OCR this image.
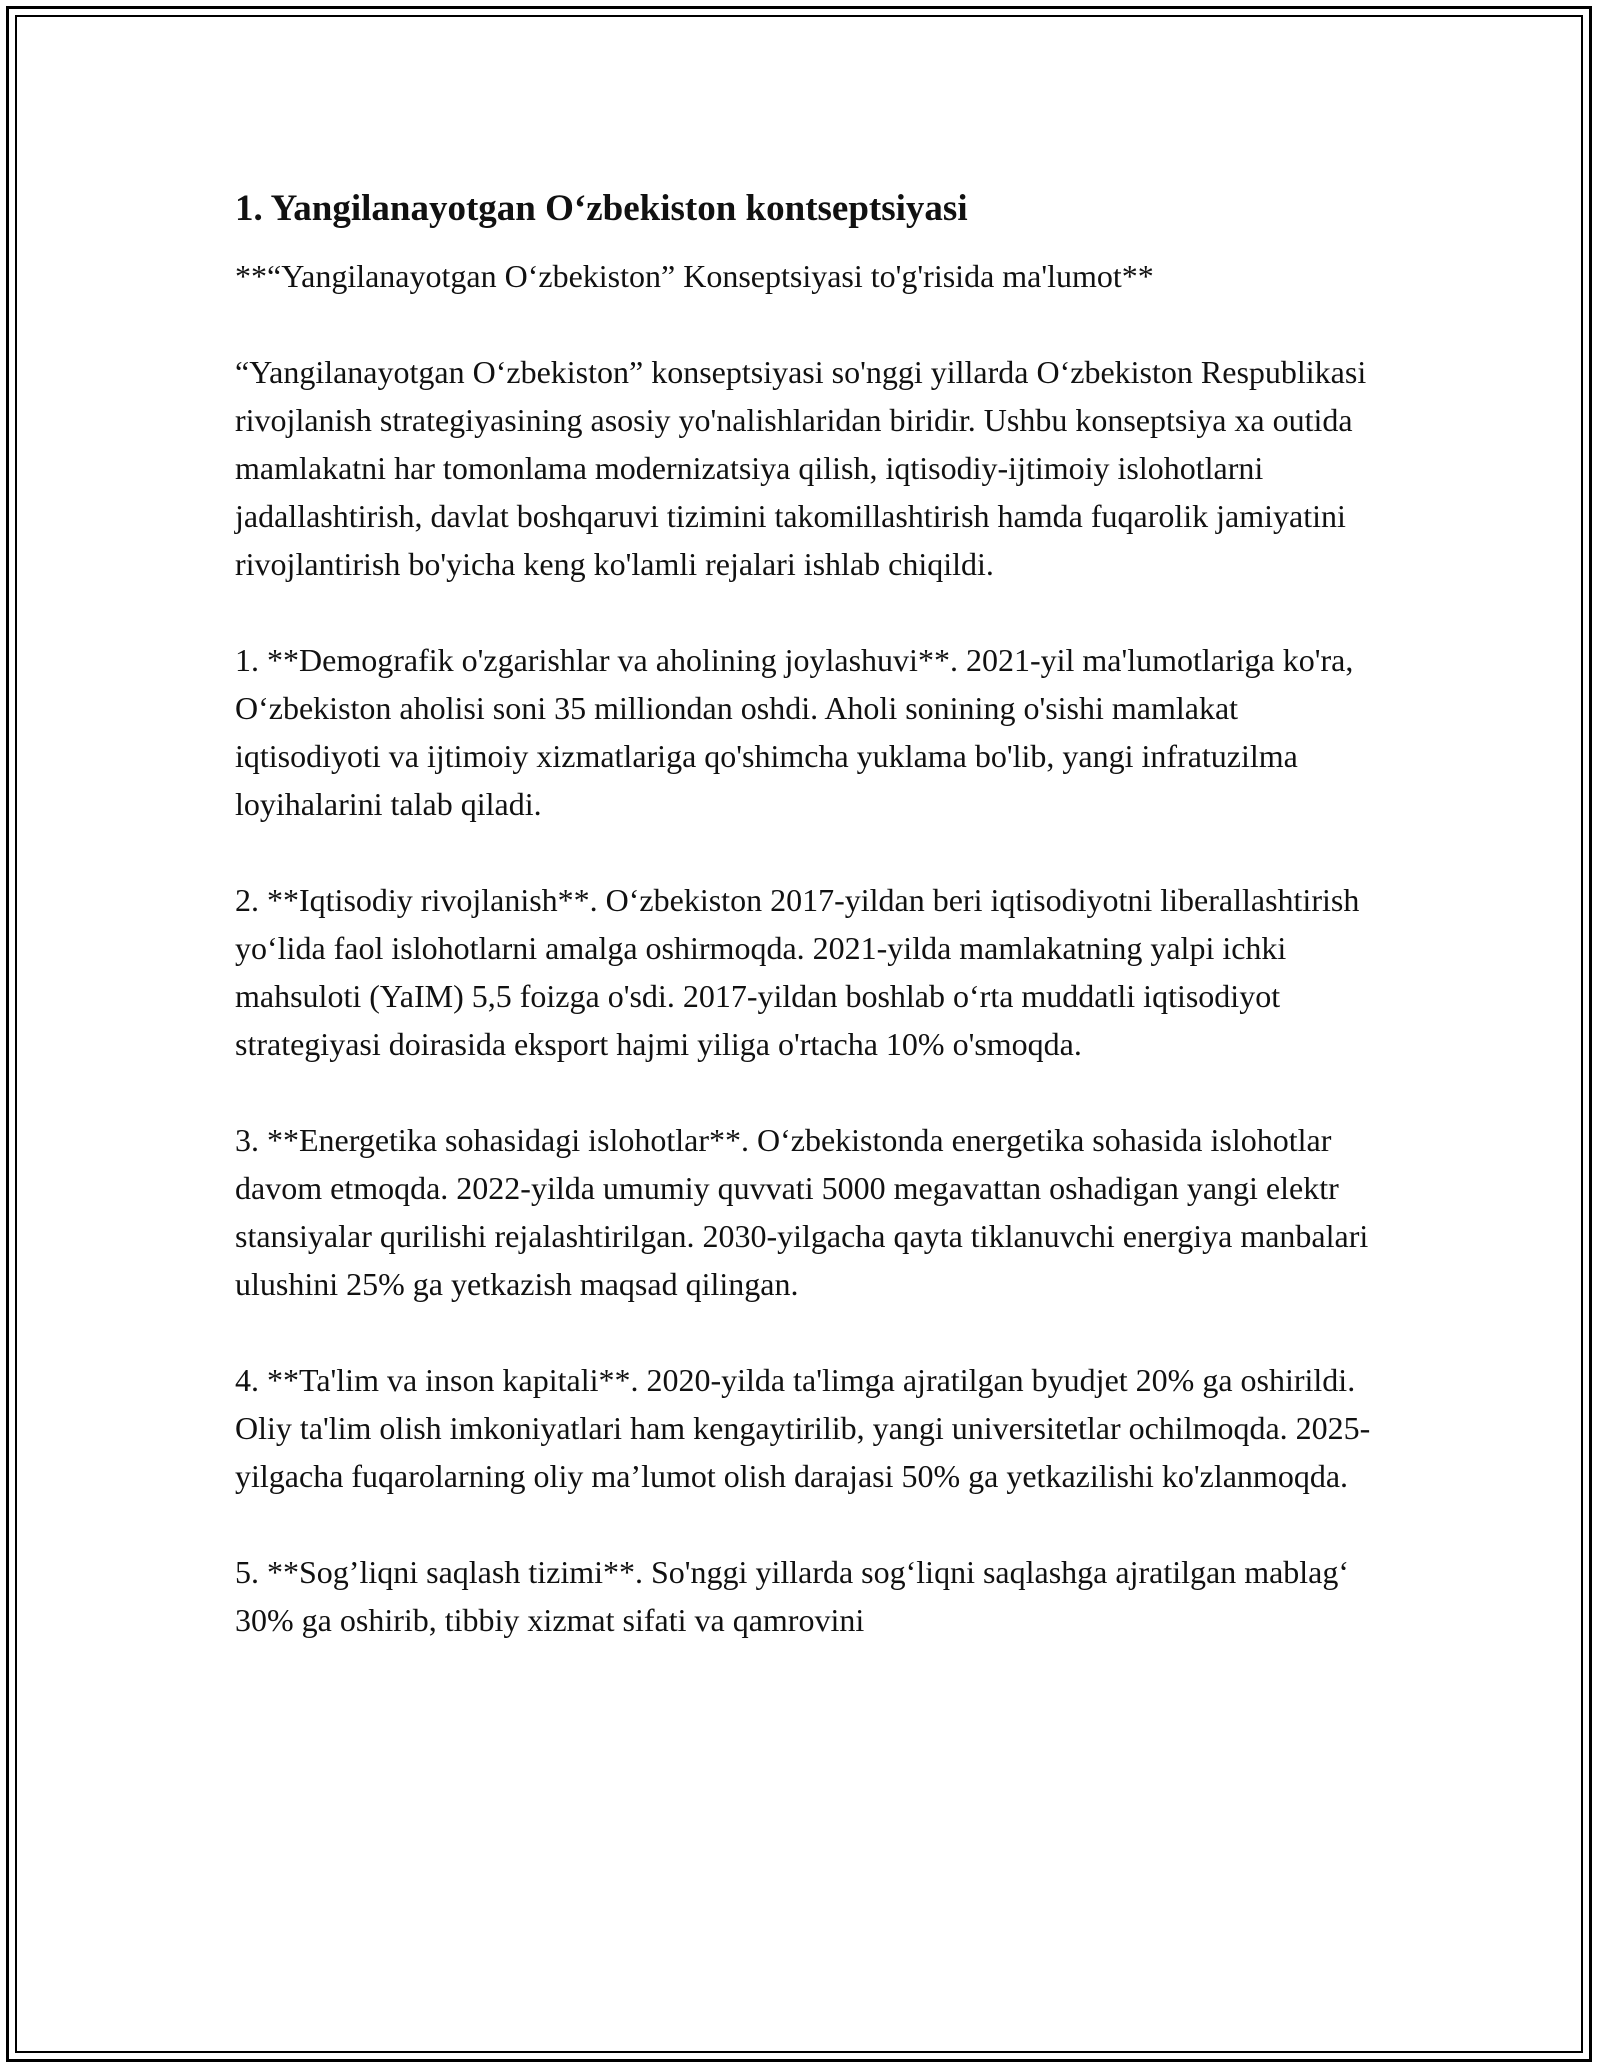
1. Yangilanayotgan O‘zbekiston kontseptsiyasi

**“Yangilanayotgan O‘zbekiston” Konseptsiyasi to'g'risida ma'lumot**

“Yangilanayotgan O‘zbekiston” konseptsiyasi so'nggi yillarda O‘zbekiston Respublikasi rivojlanish strategiyasining asosiy yo'nalishlaridan biridir. Ushbu konseptsiya xa outida mamlakatni har tomonlama modernizatsiya qilish, iqtisodiy-ijtimoiy islohotlarni jadallashtirish, davlat boshqaruvi tizimini takomillashtirish hamda fuqarolik jamiyatini rivojlantirish bo'yicha keng ko'lamli rejalari ishlab chiqildi.

1. **Demografik o'zgarishlar va aholining joylashuvi**. 2021-yil ma'lumotlariga ko'ra, O‘zbekiston aholisi soni 35 milliondan oshdi. Aholi sonining o'sishi mamlakat iqtisodiyoti va ijtimoiy xizmatlariga qo'shimcha yuklama bo'lib, yangi infratuzilma loyihalarini talab qiladi.

2. **Iqtisodiy rivojlanish**. O‘zbekiston 2017-yildan beri iqtisodiyotni liberallashtirish yo‘lida faol islohotlarni amalga oshirmoqda. 2021-yilda mamlakatning yalpi ichki mahsuloti (YaIM) 5,5 foizga o'sdi. 2017-yildan boshlab o‘rta muddatli iqtisodiyot strategiyasi doirasida eksport hajmi yiliga o'rtacha 10% o'smoqda.

3. **Energetika sohasidagi islohotlar**. O‘zbekistonda energetika sohasida islohotlar davom etmoqda. 2022-yilda umumiy quvvati 5000 megavattan oshadigan yangi elektr stansiyalar qurilishi rejalashtirilgan. 2030-yilgacha qayta tiklanuvchi energiya manbalari ulushini 25% ga yetkazish maqsad qilingan.

4. **Ta'lim va inson kapitali**. 2020-yilda ta'limga ajratilgan byudjet 20% ga oshirildi. Oliy ta'lim olish imkoniyatlari ham kengaytirilib, yangi universitetlar ochilmoqda. 2025-yilgacha fuqarolarning oliy ma’lumot olish darajasi 50% ga yetkazilishi ko'zlanmoqda.

5. **Sog’liqni saqlash tizimi**. So'nggi yillarda sog‘liqni saqlashga ajratilgan mablag‘ 30% ga oshirib, tibbiy xizmat sifati va qamrovini
